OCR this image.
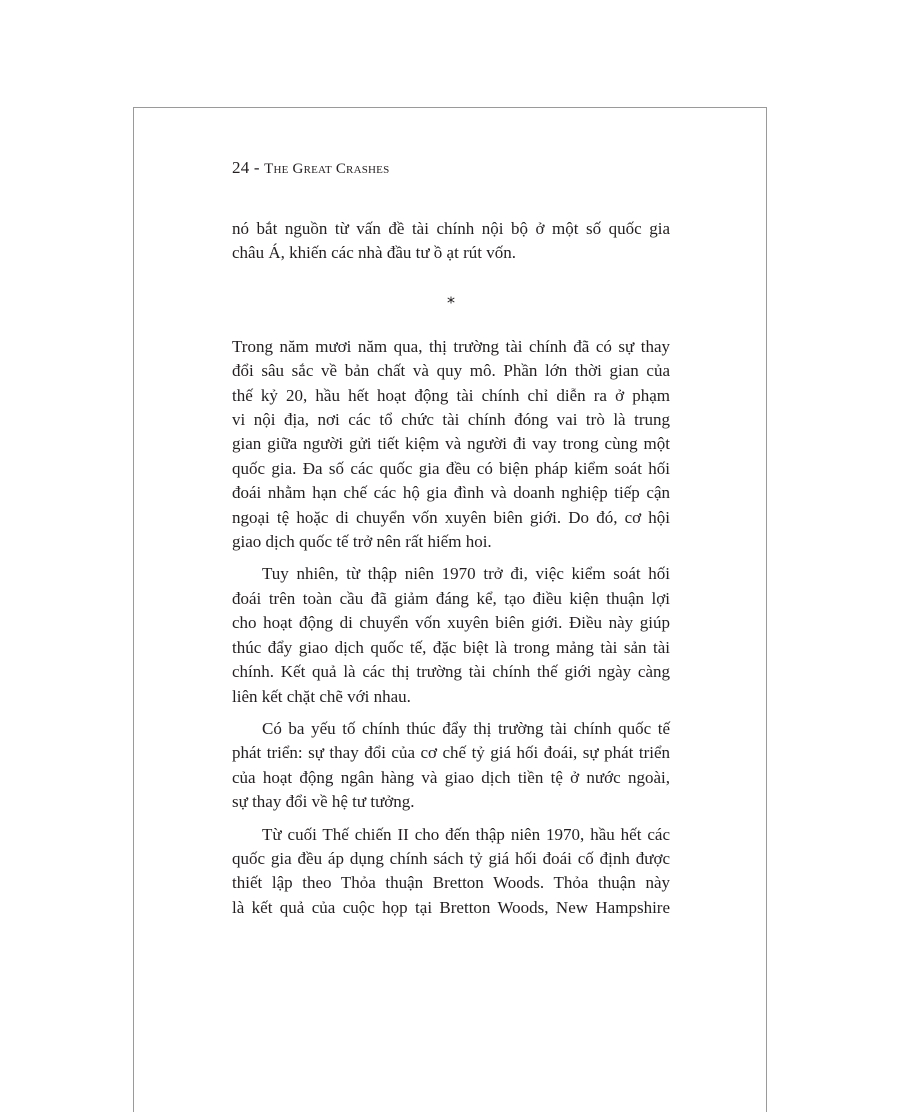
24 - The Great Crashes
nó bắt nguồn từ vấn đề tài chính nội bộ ở một số quốc gia
châu Á, khiến các nhà đầu tư ồ ạt rút vốn.
⁎
Trong năm mươi năm qua, thị trường tài chính đã có sự thay
đổi sâu sắc về bản chất và quy mô. Phần lớn thời gian của
thế kỷ 20, hầu hết hoạt động tài chính chỉ diễn ra ở phạm
vi nội địa, nơi các tổ chức tài chính đóng vai trò là trung
gian giữa người gửi tiết kiệm và người đi vay trong cùng một
quốc gia. Đa số các quốc gia đều có biện pháp kiểm soát hối
đoái nhằm hạn chế các hộ gia đình và doanh nghiệp tiếp cận
ngoại tệ hoặc di chuyển vốn xuyên biên giới. Do đó, cơ hội
giao dịch quốc tế trở nên rất hiếm hoi.
Tuy nhiên, từ thập niên 1970 trở đi, việc kiểm soát hối
đoái trên toàn cầu đã giảm đáng kể, tạo điều kiện thuận lợi
cho hoạt động di chuyển vốn xuyên biên giới. Điều này giúp
thúc đẩy giao dịch quốc tế, đặc biệt là trong mảng tài sản tài
chính. Kết quả là các thị trường tài chính thế giới ngày càng
liên kết chặt chẽ với nhau.
Có ba yếu tố chính thúc đẩy thị trường tài chính quốc tế
phát triển: sự thay đổi của cơ chế tỷ giá hối đoái, sự phát triển
của hoạt động ngân hàng và giao dịch tiền tệ ở nước ngoài,
sự thay đổi về hệ tư tưởng.
Từ cuối Thế chiến II cho đến thập niên 1970, hầu hết các
quốc gia đều áp dụng chính sách tỷ giá hối đoái cố định được
thiết lập theo Thỏa thuận Bretton Woods. Thỏa thuận này
là kết quả của cuộc họp tại Bretton Woods, New Hampshire
